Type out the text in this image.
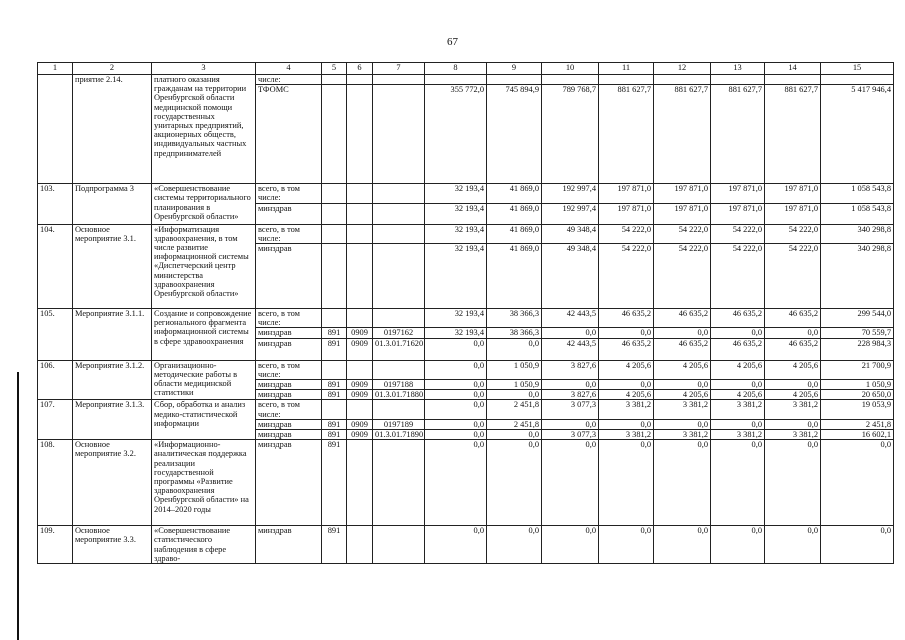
67
1	2	3	4	5	6	7	8	9	10	11	12	13	14	15
	приятие 2.14.	платного оказания гражданам на территории Оренбургской области медицинской помощи государственных унитарных предприятий, акционерных обществ, индивидуальных частных предпринимателей	числе:											
			ТФОМС				355 772,0	745 894,9	789 768,7	881 627,7	881 627,7	881 627,7	881 627,7	5 417 946,4
103.	Подпрограмма 3	«Совершенствование системы территориального планирования в Оренбургской области»	всего, в том числе:				32 193,4	41 869,0	192 997,4	197 871,0	197 871,0	197 871,0	197 871,0	1 058 543,8
			минздрав				32 193,4	41 869,0	192 997,4	197 871,0	197 871,0	197 871,0	197 871,0	1 058 543,8
104.	Основное мероприятие 3.1.	«Информатизация здравоохранения, в том числе развитие информационной системы «Диспетчерский центр министерства здравоохранения Оренбургской области»	всего, в том числе:				32 193,4	41 869,0	49 348,4	54 222,0	54 222,0	54 222,0	54 222,0	340 298,8
			минздрав				32 193,4	41 869,0	49 348,4	54 222,0	54 222,0	54 222,0	54 222,0	340 298,8
105.	Мероприятие 3.1.1.	Создание и сопровождение регионального фрагмента информационной системы в сфере здравоохранения	всего, в том числе:				32 193,4	38 366,3	42 443,5	46 635,2	46 635,2	46 635,2	46 635,2	299 544,0
			минздрав	891	0909	0197162	32 193,4	38 366,3	0,0	0,0	0,0	0,0	0,0	70 559,7
			минздрав	891	0909	01.3.01.71620	0,0	0,0	42 443,5	46 635,2	46 635,2	46 635,2	46 635,2	228 984,3
106.	Мероприятие 3.1.2.	Организационно-методические работы в области медицинской статистики	всего, в том числе:				0,0	1 050,9	3 827,6	4 205,6	4 205,6	4 205,6	4 205,6	21 700,9
			минздрав	891	0909	0197188	0,0	1 050,9	0,0	0,0	0,0	0,0	0,0	1 050,9
			минздрав	891	0909	01.3.01.71880	0,0	0,0	3 827,6	4 205,6	4 205,6	4 205,6	4 205,6	20 650,0
107.	Мероприятие 3.1.3.	Сбор, обработка и анализ медико-статистической информации	всего, в том числе:				0,0	2 451,8	3 077,3	3 381,2	3 381,2	3 381,2	3 381,2	19 053,9
			минздрав	891	0909	0197189	0,0	2 451,8	0,0	0,0	0,0	0,0	0,0	2 451,8
			минздрав	891	0909	01.3.01.71890	0,0	0,0	3 077,3	3 381,2	3 381,2	3 381,2	3 381,2	16 602,1
108.	Основное мероприятие 3.2.	«Информационно-аналитическая поддержка реализации государственной программы «Развитие здравоохранения Оренбургской области» на 2014–2020 годы	минздрав	891			0,0	0,0	0,0	0,0	0,0	0,0	0,0	0,0
109.	Основное мероприятие 3.3.	«Совершенствование статистического наблюдения в сфере здраво-	минздрав	891			0,0	0,0	0,0	0,0	0,0	0,0	0,0	0,0
